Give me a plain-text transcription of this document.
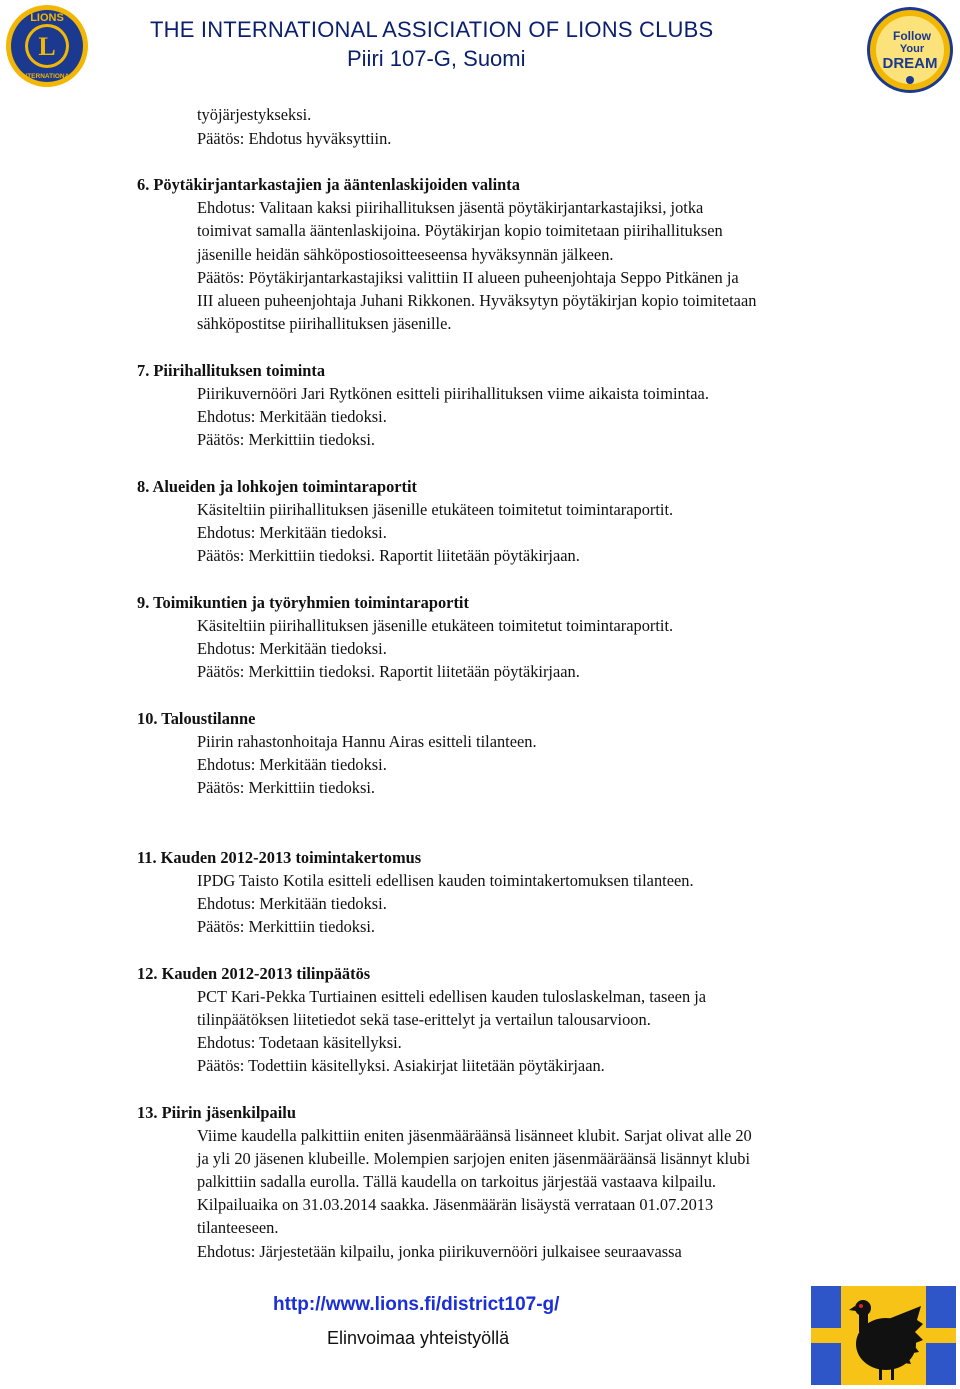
L
LIONS
INTERNATIONAL
THE INTERNATIONAL ASSICIATION OF LIONS CLUBS
Piiri 107-G, Suomi
Follow
Your
DREAM
työjärjestykseksi.
Päätös: Ehdotus hyväksyttiin.
6. Pöytäkirjantarkastajien ja ääntenlaskijoiden valinta
Ehdotus: Valitaan kaksi piirihallituksen jäsentä pöytäkirjantarkastajiksi, jotka
toimivat samalla ääntenlaskijoina. Pöytäkirjan kopio toimitetaan piirihallituksen
jäsenille heidän sähköpostiosoitteeseensa hyväksynnän jälkeen.
Päätös: Pöytäkirjantarkastajiksi valittiin II alueen puheenjohtaja Seppo Pitkänen ja
III alueen puheenjohtaja Juhani Rikkonen. Hyväksytyn pöytäkirjan kopio toimitetaan
sähköpostitse piirihallituksen jäsenille.
7. Piirihallituksen toiminta
Piirikuvernööri Jari Rytkönen esitteli piirihallituksen viime aikaista toimintaa.
Ehdotus: Merkitään tiedoksi.
Päätös: Merkittiin tiedoksi.
8. Alueiden ja lohkojen toimintaraportit
Käsiteltiin piirihallituksen jäsenille etukäteen toimitetut toimintaraportit.
Ehdotus: Merkitään tiedoksi.
Päätös: Merkittiin tiedoksi. Raportit liitetään pöytäkirjaan.
9. Toimikuntien ja työryhmien toimintaraportit
Käsiteltiin piirihallituksen jäsenille etukäteen toimitetut toimintaraportit.
Ehdotus: Merkitään tiedoksi.
Päätös: Merkittiin tiedoksi. Raportit liitetään pöytäkirjaan.
10. Taloustilanne
Piirin rahastonhoitaja Hannu Airas esitteli tilanteen.
Ehdotus: Merkitään tiedoksi.
Päätös: Merkittiin tiedoksi.
11. Kauden 2012-2013 toimintakertomus
IPDG Taisto Kotila esitteli edellisen kauden toimintakertomuksen tilanteen.
Ehdotus: Merkitään tiedoksi.
Päätös: Merkittiin tiedoksi.
12. Kauden 2012-2013 tilinpäätös
PCT Kari-Pekka Turtiainen esitteli edellisen kauden tuloslaskelman, taseen ja
tilinpäätöksen liitetiedot sekä tase-erittelyt ja vertailun talousarvioon.
Ehdotus: Todetaan käsitellyksi.
Päätös: Todettiin käsitellyksi. Asiakirjat liitetään pöytäkirjaan.
13. Piirin jäsenkilpailu
Viime kaudella palkittiin eniten jäsenmääräänsä lisänneet klubit. Sarjat olivat alle 20
ja yli 20 jäsenen klubeille. Molempien sarjojen eniten jäsenmääräänsä lisännyt klubi
palkittiin sadalla eurolla. Tällä kaudella on tarkoitus järjestää vastaava kilpailu.
Kilpailuaika on 31.03.2014 saakka. Jäsenmäärän lisäystä verrataan 01.07.2013
tilanteeseen.
Ehdotus: Järjestetään kilpailu, jonka piirikuvernööri julkaisee seuraavassa
http://www.lions.fi/district107-g/
Elinvoimaa yhteistyöllä
